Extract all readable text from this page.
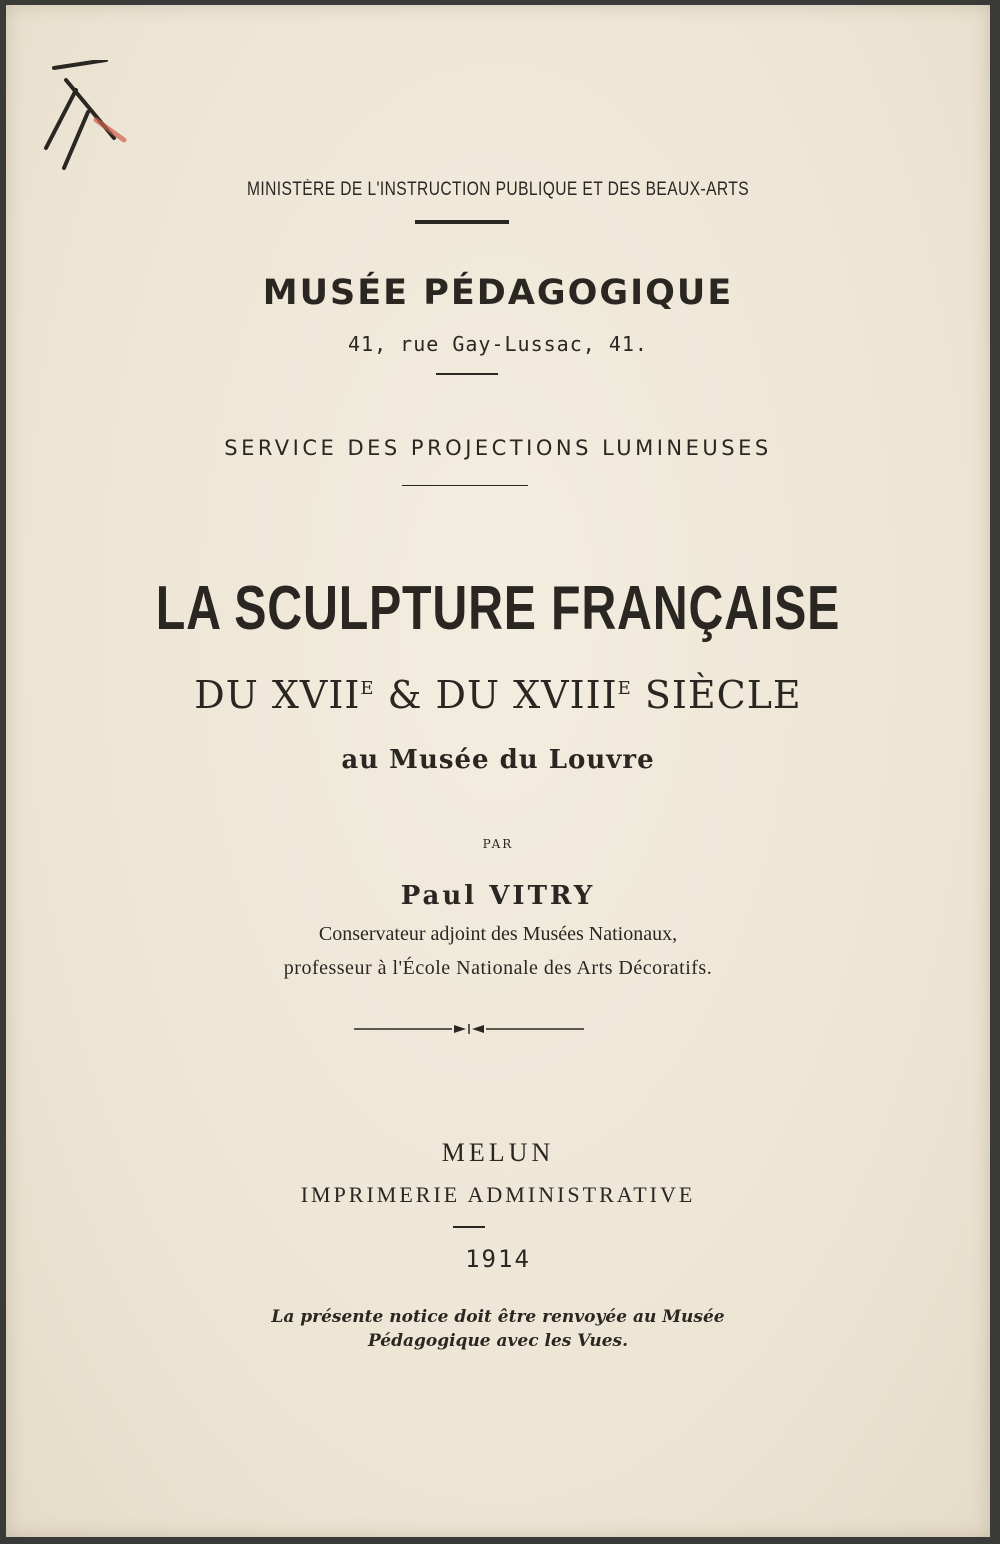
MINISTÈRE DE L'INSTRUCTION PUBLIQUE ET DES BEAUX-ARTS
MUSÉE PÉDAGOGIQUE
41, rue Gay-Lussac, 41.
SERVICE DES PROJECTIONS LUMINEUSES
LA SCULPTURE FRANÇAISE
DU $XVII^E$ & DU $XVIII^E$ SIÈCLE
au Musée du Louvre
PAR
Paul VITRY
Conservateur adjoint des Musées Nationaux,
professeur à l'École Nationale des Arts Décoratifs.
MELUN
IMPRIMERIE ADMINISTRATIVE
1914
La présente notice doit être renvoyée au Musée
Pédagogique avec les Vues.
